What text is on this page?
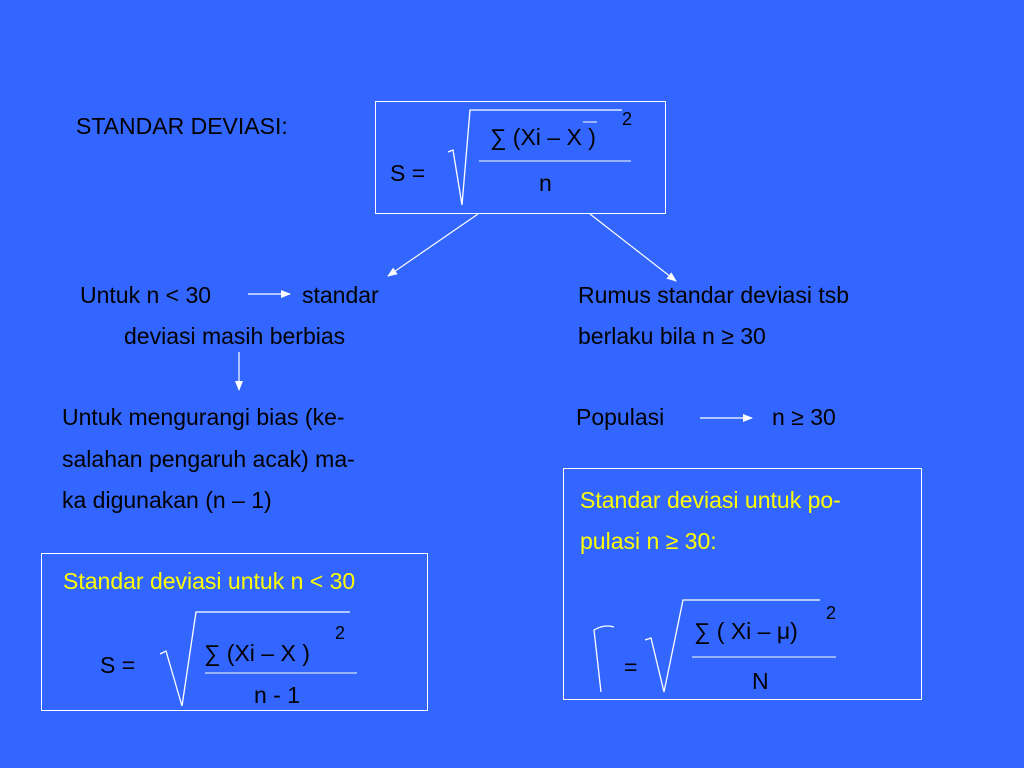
STANDAR DEVIASI:
S =
∑ (Xi – X )
2
n
Untuk n < 30	standar
deviasi masih berbias
Untuk mengurangi bias (ke-
salahan pengaruh acak) ma-
ka digunakan (n – 1)
Standar deviasi untuk n < 30
S =	∑ (Xi – X )
2
n - 1
Rumus standar deviasi tsb
berlaku bila n ≥ 30
Populasi	n ≥ 30
Standar deviasi untuk po-
pulasi n ≥ 30:
=
∑ ( Xi – μ)
2
N
